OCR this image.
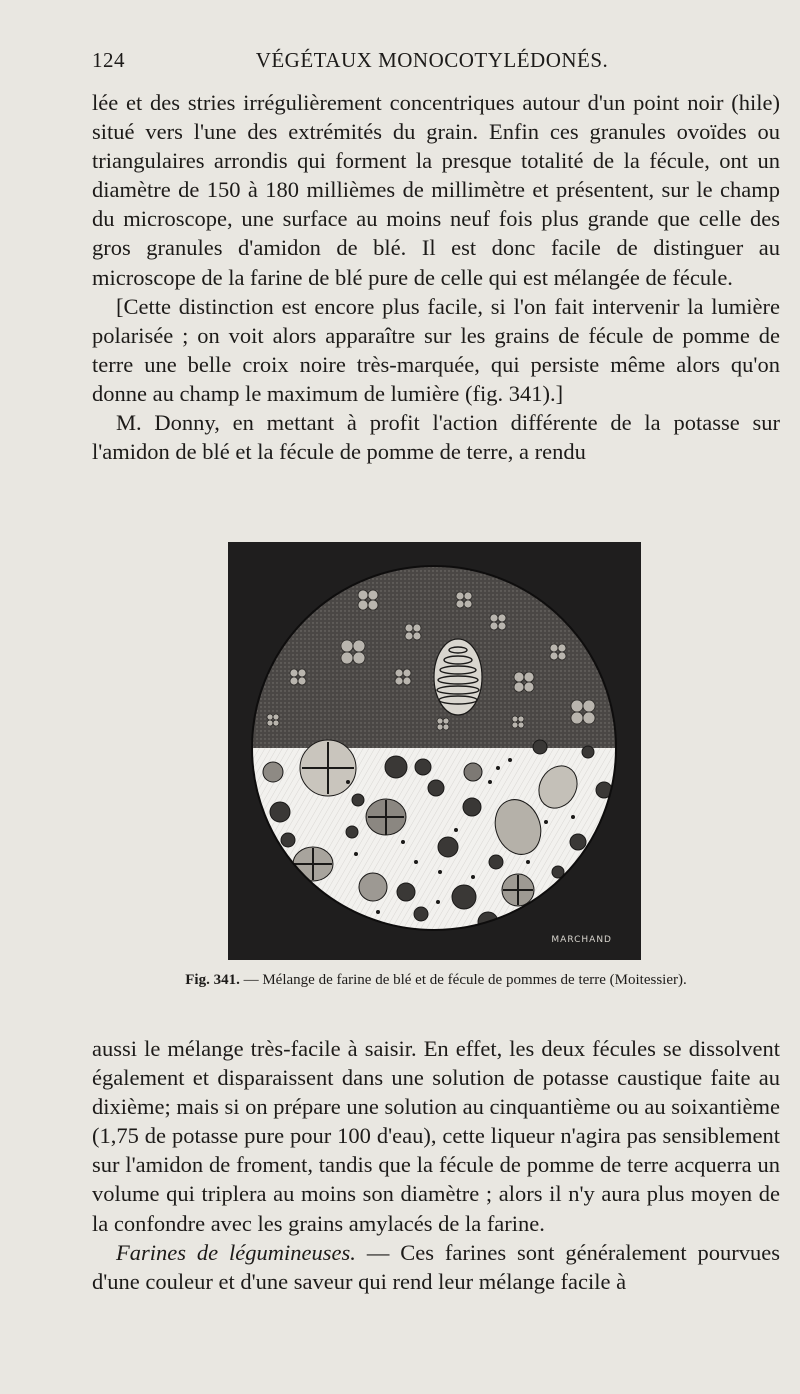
124	VÉGÉTAUX MONOCOTYLÉDONÉS.

lée et des stries irrégulièrement concentriques autour d'un point noir (hile) situé vers l'une des extrémités du grain. Enfin ces granules ovoïdes ou triangulaires arrondis qui forment la presque totalité de la fécule, ont un diamètre de 150 à 180 millièmes de millimètre et présentent, sur le champ du microscope, une surface au moins neuf fois plus grande que celle des gros granules d'amidon de blé. Il est donc facile de distinguer au microscope de la farine de blé pure de celle qui est mélangée de fécule.

[Cette distinction est encore plus facile, si l'on fait intervenir la lumière polarisée ; on voit alors apparaître sur les grains de fécule de pomme de terre une belle croix noire très-marquée, qui persiste même alors qu'on donne au champ le maximum de lumière (fig. 341).]

M. Donny, en mettant à profit l'action différente de la potasse sur l'amidon de blé et la fécule de pomme de terre, a rendu

MARCHAND
Fig. 341. — Mélange de farine de blé et de fécule de pommes de terre (Moitessier).

aussi le mélange très-facile à saisir. En effet, les deux fécules se dissolvent également et disparaissent dans une solution de potasse caustique faite au dixième; mais si on prépare une solution au cinquantième ou au soixantième (1,75 de potasse pure pour 100 d'eau), cette liqueur n'agira pas sensiblement sur l'amidon de froment, tandis que la fécule de pomme de terre acquerra un volume qui triplera au moins son diamètre ; alors il n'y aura plus moyen de la confondre avec les grains amylacés de la farine.

Farines de légumineuses. — Ces farines sont généralement pourvues d'une couleur et d'une saveur qui rend leur mélange facile à
